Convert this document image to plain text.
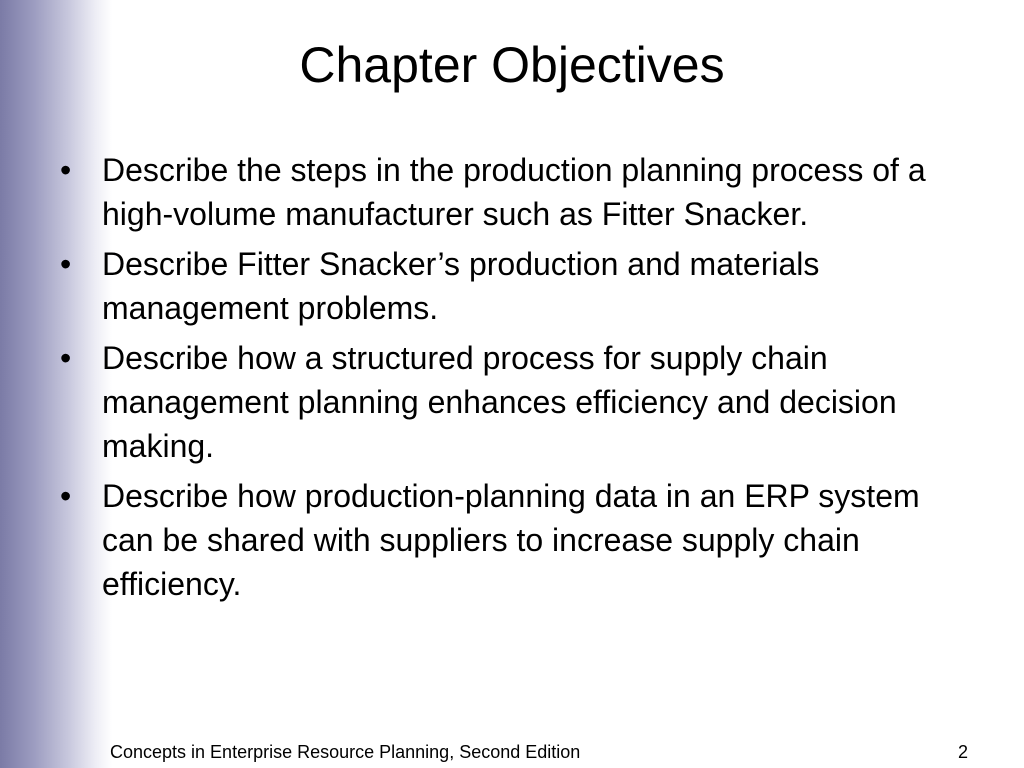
Chapter Objectives
• Describe the steps in the production planning process of a high-volume manufacturer such as Fitter Snacker.
• Describe Fitter Snacker’s production and materials management problems.
• Describe how a structured process for supply chain management planning enhances efficiency and decision making.
• Describe how production-planning data in an ERP system can be shared with suppliers to increase supply chain efficiency.
Concepts in Enterprise Resource Planning, Second Edition	2
